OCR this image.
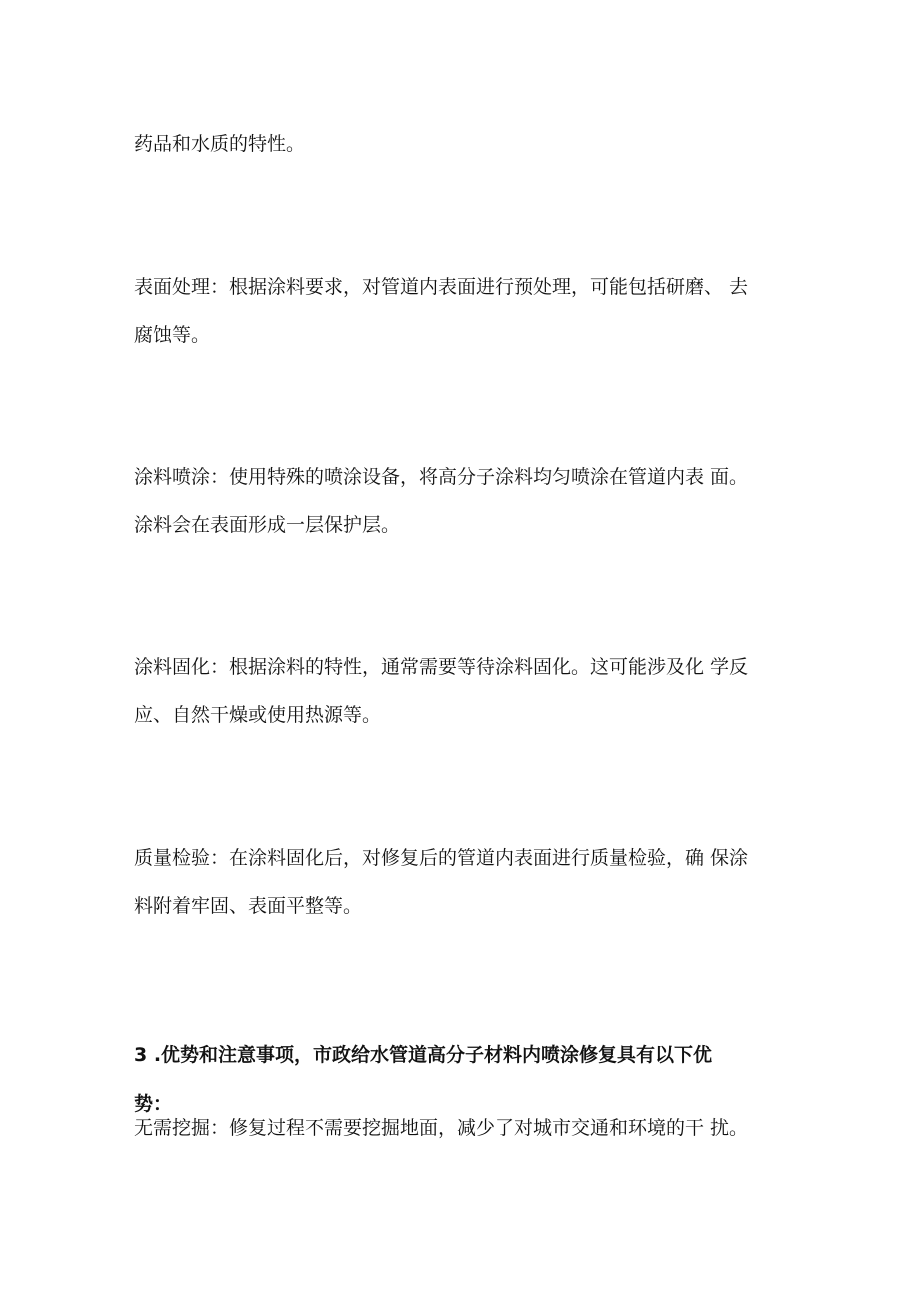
药品和水质的特性。

表面处理：根据涂料要求，对管道内表面进行预处理，可能包括研磨、 去

腐蚀等。

涂料喷涂：使用特殊的喷涂设备，将高分子涂料均匀喷涂在管道内表 面。

涂料会在表面形成一层保护层。

涂料固化：根据涂料的特性，通常需要等待涂料固化。这可能涉及化 学反

应、自然干燥或使用热源等。

质量检验：在涂料固化后，对修复后的管道内表面进行质量检验，确 保涂

料附着牢固、表面平整等。

3 .优势和注意事项，市政给水管道高分子材料内喷涂修复具有以下优

势：

无需挖掘：修复过程不需要挖掘地面，减少了对城市交通和环境的干 扰。
